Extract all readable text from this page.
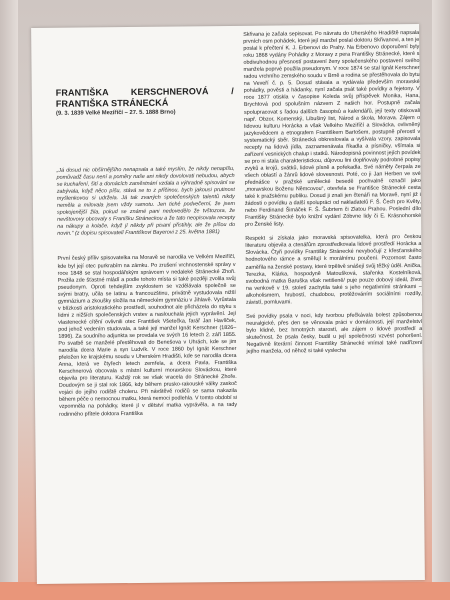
FRANTIŠKA KERSCHNEROVÁ / FRANTIŠKA STRÁNECKÁ
(9. 3. 1839 Velké Meziříčí – 27. 5. 1888 Brno)
„Já dosud nic obšírnějšího nenapsala a také myslím, že nikdy nenapíšu, pomůvadž času není a poměry naše ani nikdy dovolovati nebudou, abych se kuchaření, šití a domácích zaměstnání vzdala a výhradně spisování se zabývala, když něco píšu, stává se to z příčinou, bych jakousi prutinost myšlenkovou si udržela. Já tak zvaných společenských talentů nikdy neměla a milovala jsem vždy samotu. Jen tiché podvečerní, že jsem spokojenější žila, pokud se známé pani nedovedělo že tvštozora, že nevštovovy obcovaly s Franišku Stráneckou a že tato neopisovala recepty na nákupy a kolače, když jí někdy při pisaní přistihly, ale že píšou do novin.“ (z dopisu spisovatelí Františkovi Bayerovi z 25. května 1881)
První český příliv spisovatelka na Moravě se narodila ve Velkém Meziříčí, kde byl její otec purkrabím na zámku. Po zrušení vrchnostenské správy v roce 1848 se stal hospodářským správcem v nedaleké Stránecké Zhoři. Prožila zde šťastné mládí a podle tohoto místa si také později zvolila svůj pseudonym. Oproti tehdejším zvyklostem se vzdělávala společně se svými bratry, učila se latinu a francouzštinu, privátně vystudovala nižší gymnázium a zkoušky složila na německém gymnáziu v Jihlavě. Vyrůstala v blízkosti aristokratického prostředí, souhodnot ale přicházela do styku s lidmi z nižších společenských vrstev a naslouchala jejich vyprávění. Její vlastenecké cítění ovlivnili otec František Všetečka, farář Jan Havlíček, pod jehož vedením studovala, a také její manžel Ignát Kerschner (1826–1896). Za soudního adjunkta se provdala ve svých 16 letech 2. září 1855. Po svatbě se manželé přestěhovali do Benešova v Uhrách, kde se jim narodila dcera Marie a syn Ludvík. V roce 1860 byl Ignát Kerschner přeložen ke krajskému soudu v Uherském Hradišti, kde se narodila dcera Anna, která ve čtyřech letech zemřela, a dcera Pavla. Františka Kerschnerová obcovala s místní kulturní moravskou Slováckou, které objevila pro literaturu. Každý rok se však vracela do Stránecké Zhoře. Doudovým se ji stal rok 1866, kdy během prusko-rakouské války zaskoč vojáci do jejího rodiště choleru. Při návštěvě rodičů se sama nakazila během péče o nemocnou matku, která nemoci podlehla. V tomto období si vzpomněla na pohádky, které jí v dětství matka vyprávěla, a na rady rodinného přítele doktora Františka
Skřivana je začala sepisovat. Po návratu do Uherského Hradiště napsala prvních osm pohádek, které její manžel poslal doktoru Skřivanovi, a ten je poslal k přečtení K. J. Erbenovi do Prahy. Na Erbenovo doporučení byly roku 1868 vydány Pohádky z Moravy z pera Františky Stránecké, které s obdivuhodnou přesností postavení ženy společenského postavení svého manžela poprvé použila pseudonym. V roce 1874 se stal Ignát Kerschner radou vrchního zemského soudu v Brně a rodina se přestěhovala do bytu na Veveří č. p. 5. Dosud stávala a vydávala především moravské pohádky, pověsti a hádanky, nyní začala psát také povídky a fejetony. V roce 1877 otiskla v časopise Koleda svůj příspěvek Monika, Hana, Brychtová pod spolušním názvem Z našich hor. Postupně začala spolupracovat s řadou dalších časopisů a kalendářů, její texty otiskovali např. Obzor, Komenský, Libušiný list, Národ a škola, Morava. Zájem o lidovou kulturu Horácka a však Velkého Meziříčí a Slovácka, ovlivněný jazykovědcem a etnografem Františkem Bartošem, postupně přerostl v systematický sběr. Stránecká obkreslovala a vyšívala vzory, zapisovala recepty na lidová jídla, zaznamenávala říkadla a písničky, všímala si zařízení vesnických chalup i statků. Národopisná povinnost jejích povídek se pro ni stala charakteristickou, důjovou lini doplňovaly podrobné popisy zvyků a krojů, svátků, lidové písně a pořekadla. Své náměty čerpala ze všech oblastí a žánrů lidové slovesnosti. Poté, co ji Jan Herben ve své přednášce v pražské umělecké besedě pochvalně označil jako „moravskou Boženu Němcovou“, otevřela se Františce Stránecké cesta také k pražskému publiku. Dosud ji znali jen čtenáři na Moravě, nyní již i žádosti o povídku a další spolupráci od nakladatelů F. Š. Čech pro Květy, nebo Ferdinand Šimáček F. Š. Šubrtem či Zlatou Prahou. Poslední dílo Františky Stránecké bylo knižní vydání Zóbvne lidy či E. Krásnohorské pro Ženské listy.
Respekt si získala jako moravská spisovatelka, která pro českou literaturu objevila a ctenářům zprostředkovala lidové prostředí Horácka a Slovácka. Čtyři povídky Františky Stránecké nevybočují z křesťanského hodnotového rámce a směřují k morálnímu poučení. Pozornost často zaměřila na ženské postavy, které trpělivě snášejí svůj těžký úděl. Anička, Terezka, Klárka, hospodyně Matoušková, stařenka Kostelníková, svobodná matka Baruška však netišeně/ puje pouze dobový ideál, žívot na venkově v 19. století zachytila také s jeho negativními stránkami – alkoholismem, hrubostí, chudobou, protěžováním sociálními rozdíly, závistí, pomluvami.
Své povídky psala v noci, kdy tvorbou přečkávala bolest způsobenou neuralgické, přes den se věnovala práci v domácnosti, její manželství bylo klidné, bez hmotných starostí, ale zájem o lidové prostředí a skutečnost, že psala česky, budil u její společnosti vzvést pohoršení. Negativně literární činnost Františky Stránecké vnímal také nadřízení jejího manžela, od něhož si také vyslecha
